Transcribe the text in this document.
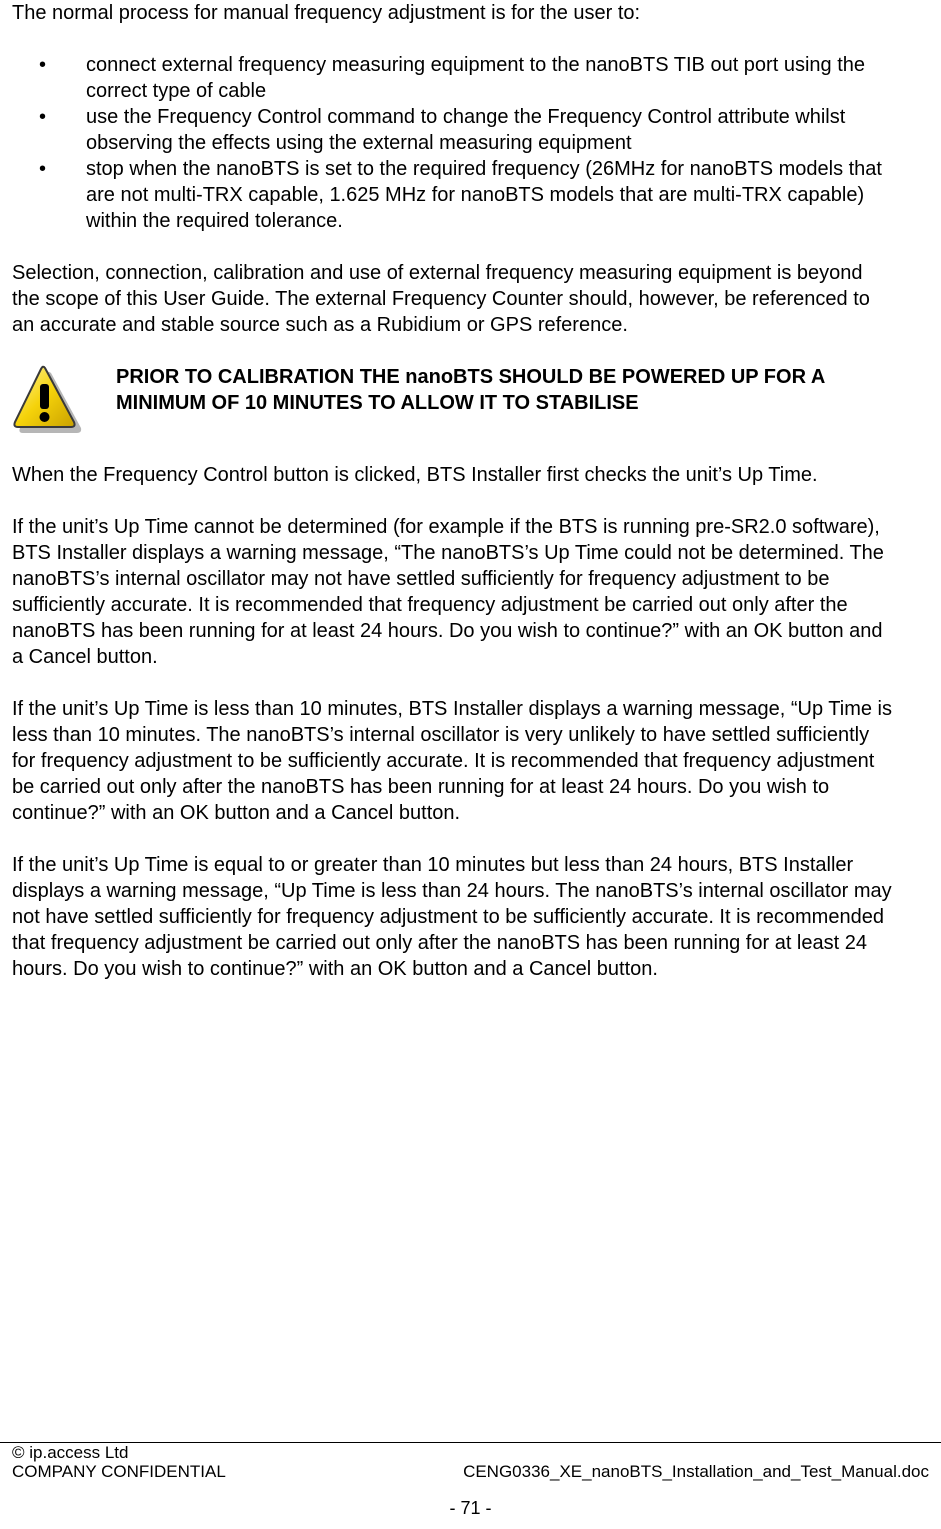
The normal process for manual frequency adjustment is for the user to:

• connect external frequency measuring equipment to the nanoBTS TIB out port using the correct type of cable
• use the Frequency Control command to change the Frequency Control attribute whilst observing the effects using the external measuring equipment
• stop when the nanoBTS is set to the required frequency (26MHz for nanoBTS models that are not multi-TRX capable, 1.625 MHz for nanoBTS models that are multi-TRX capable) within the required tolerance.

Selection, connection, calibration and use of external frequency measuring equipment is beyond the scope of this User Guide. The external Frequency Counter should, however, be referenced to an accurate and stable source such as a Rubidium or GPS reference.

PRIOR TO CALIBRATION THE nanoBTS SHOULD BE POWERED UP FOR A MINIMUM OF 10 MINUTES TO ALLOW IT TO STABILISE

When the Frequency Control button is clicked, BTS Installer first checks the unit’s Up Time.

If the unit’s Up Time cannot be determined (for example if the BTS is running pre-SR2.0 software), BTS Installer displays a warning message, “The nanoBTS’s Up Time could not be determined. The nanoBTS’s internal oscillator may not have settled sufficiently for frequency adjustment to be sufficiently accurate. It is recommended that frequency adjustment be carried out only after the nanoBTS has been running for at least 24 hours. Do you wish to continue?” with an OK button and a Cancel button.

If the unit’s Up Time is less than 10 minutes, BTS Installer displays a warning message, “Up Time is less than 10 minutes. The nanoBTS’s internal oscillator is very unlikely to have settled sufficiently for frequency adjustment to be sufficiently accurate. It is recommended that frequency adjustment be carried out only after the nanoBTS has been running for at least 24 hours. Do you wish to continue?” with an OK button and a Cancel button.

If the unit’s Up Time is equal to or greater than 10 minutes but less than 24 hours, BTS Installer displays a warning message, “Up Time is less than 24 hours. The nanoBTS’s internal oscillator may not have settled sufficiently for frequency adjustment to be sufficiently accurate. It is recommended that frequency adjustment be carried out only after the nanoBTS has been running for at least 24 hours. Do you wish to continue?” with an OK button and a Cancel button.

© ip.access Ltd
COMPANY CONFIDENTIAL	CENG0336_XE_nanoBTS_Installation_and_Test_Manual.doc
- 71 -
